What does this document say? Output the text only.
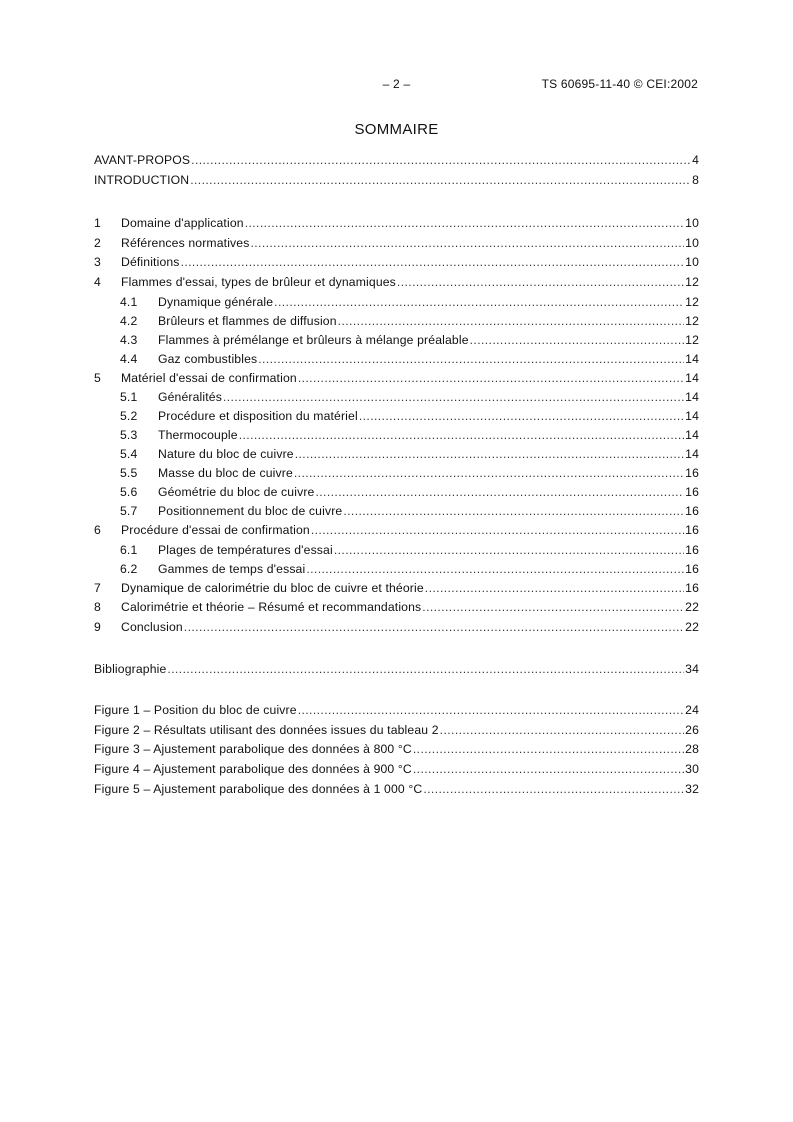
– 2 –	TS 60695-11-40 © CEI:2002
SOMMAIRE
AVANT-PROPOS .....	4
INTRODUCTION .....	8
1	Domaine d'application .....	10
2	Références normatives .....	10
3	Définitions .....	10
4	Flammes d'essai, types de brûleur et dynamiques .....	12
4.1	Dynamique générale .....	12
4.2	Brûleurs et flammes de diffusion .....	12
4.3	Flammes à prémélange et brûleurs à mélange préalable .....	12
4.4	Gaz combustibles .....	14
5	Matériel d'essai de confirmation .....	14
5.1	Généralités .....	14
5.2	Procédure et disposition du matériel .....	14
5.3	Thermocouple .....	14
5.4	Nature du bloc de cuivre .....	14
5.5	Masse du bloc de cuivre .....	16
5.6	Géométrie du bloc de cuivre .....	16
5.7	Positionnement du bloc de cuivre .....	16
6	Procédure d'essai de confirmation .....	16
6.1	Plages de températures d'essai .....	16
6.2	Gammes de temps d'essai .....	16
7	Dynamique de calorimétrie du bloc de cuivre et théorie .....	16
8	Calorimétrie et théorie – Résumé et recommandations .....	22
9	Conclusion .....	22
Bibliographie .....	34
Figure 1 – Position du bloc de cuivre .....	24
Figure 2 – Résultats utilisant des données issues du tableau 2 .....	26
Figure 3 – Ajustement parabolique des données à 800 °C .....	28
Figure 4 – Ajustement parabolique des données à 900 °C .....	30
Figure 5 – Ajustement parabolique des données à 1 000 °C .....	32
